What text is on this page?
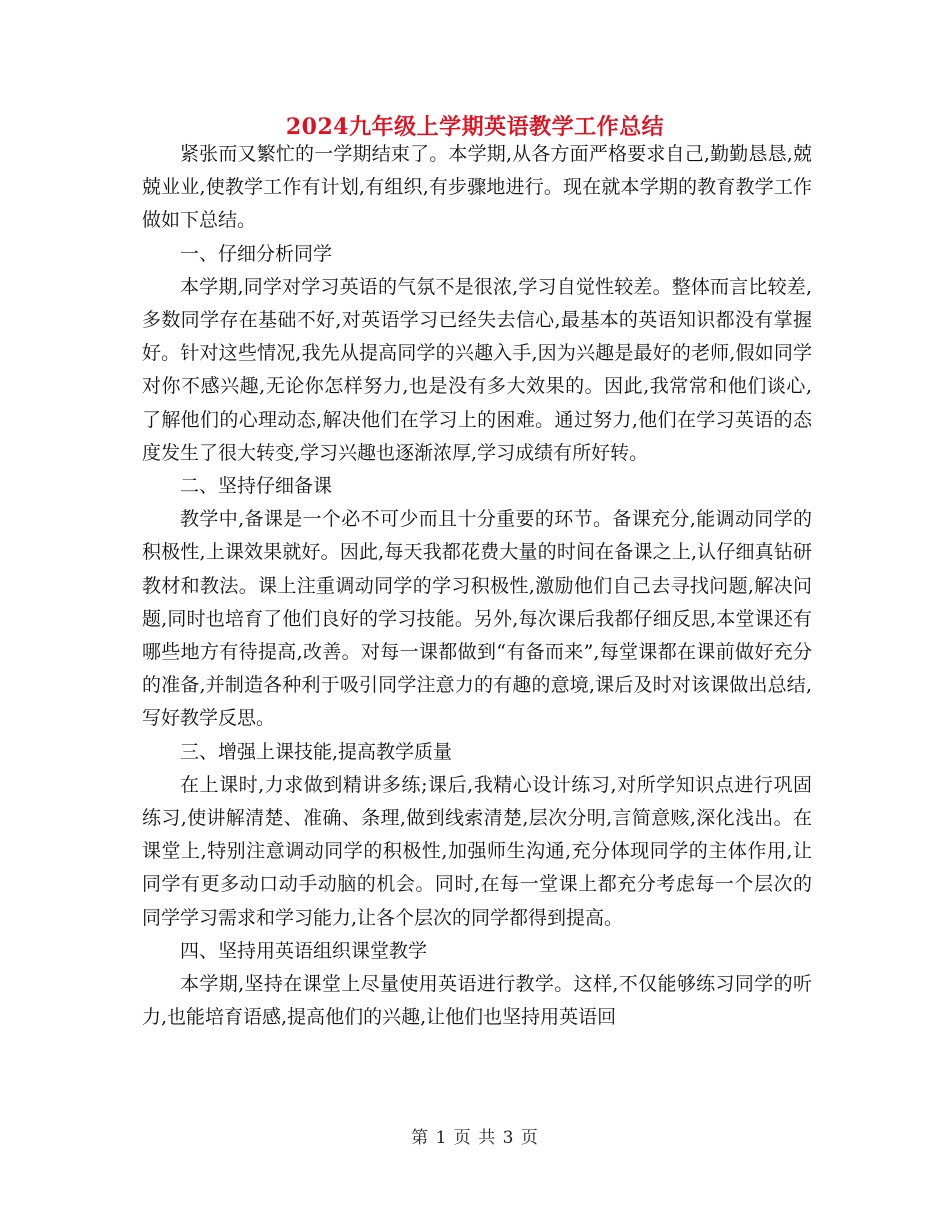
2024九年级上学期英语教学工作总结

紧张而又繁忙的一学期结束了。本学期,从各方面严格要求自己,勤勤恳恳,兢兢业业,使教学工作有计划,有组织,有步骤地进行。现在就本学期的教育教学工作做如下总结。

一、仔细分析同学

本学期,同学对学习英语的气氛不是很浓,学习自觉性较差。整体而言比较差,多数同学存在基础不好,对英语学习已经失去信心,最基本的英语知识都没有掌握好。针对这些情况,我先从提高同学的兴趣入手,因为兴趣是最好的老师,假如同学对你不感兴趣,无论你怎样努力,也是没有多大效果的。因此,我常常和他们谈心,了解他们的心理动态,解决他们在学习上的困难。通过努力,他们在学习英语的态度发生了很大转变,学习兴趣也逐渐浓厚,学习成绩有所好转。

二、坚持仔细备课

教学中,备课是一个必不可少而且十分重要的环节。备课充分,能调动同学的积极性,上课效果就好。因此,每天我都花费大量的时间在备课之上,认仔细真钻研教材和教法。课上注重调动同学的学习积极性,激励他们自己去寻找问题,解决问题,同时也培育了他们良好的学习技能。另外,每次课后我都仔细反思,本堂课还有哪些地方有待提高,改善。对每一课都做到“有备而来”,每堂课都在课前做好充分的准备,并制造各种利于吸引同学注意力的有趣的意境,课后及时对该课做出总结,写好教学反思。

三、增强上课技能,提高教学质量

在上课时,力求做到精讲多练;课后,我精心设计练习,对所学知识点进行巩固练习,使讲解清楚、准确、条理,做到线索清楚,层次分明,言简意赅,深化浅出。在课堂上,特别注意调动同学的积极性,加强师生沟通,充分体现同学的主体作用,让同学有更多动口动手动脑的机会。同时,在每一堂课上都充分考虑每一个层次的同学学习需求和学习能力,让各个层次的同学都得到提高。

四、坚持用英语组织课堂教学

本学期,坚持在课堂上尽量使用英语进行教学。这样,不仅能够练习同学的听力,也能培育语感,提高他们的兴趣,让他们也坚持用英语回

第 1 页 共 3 页
